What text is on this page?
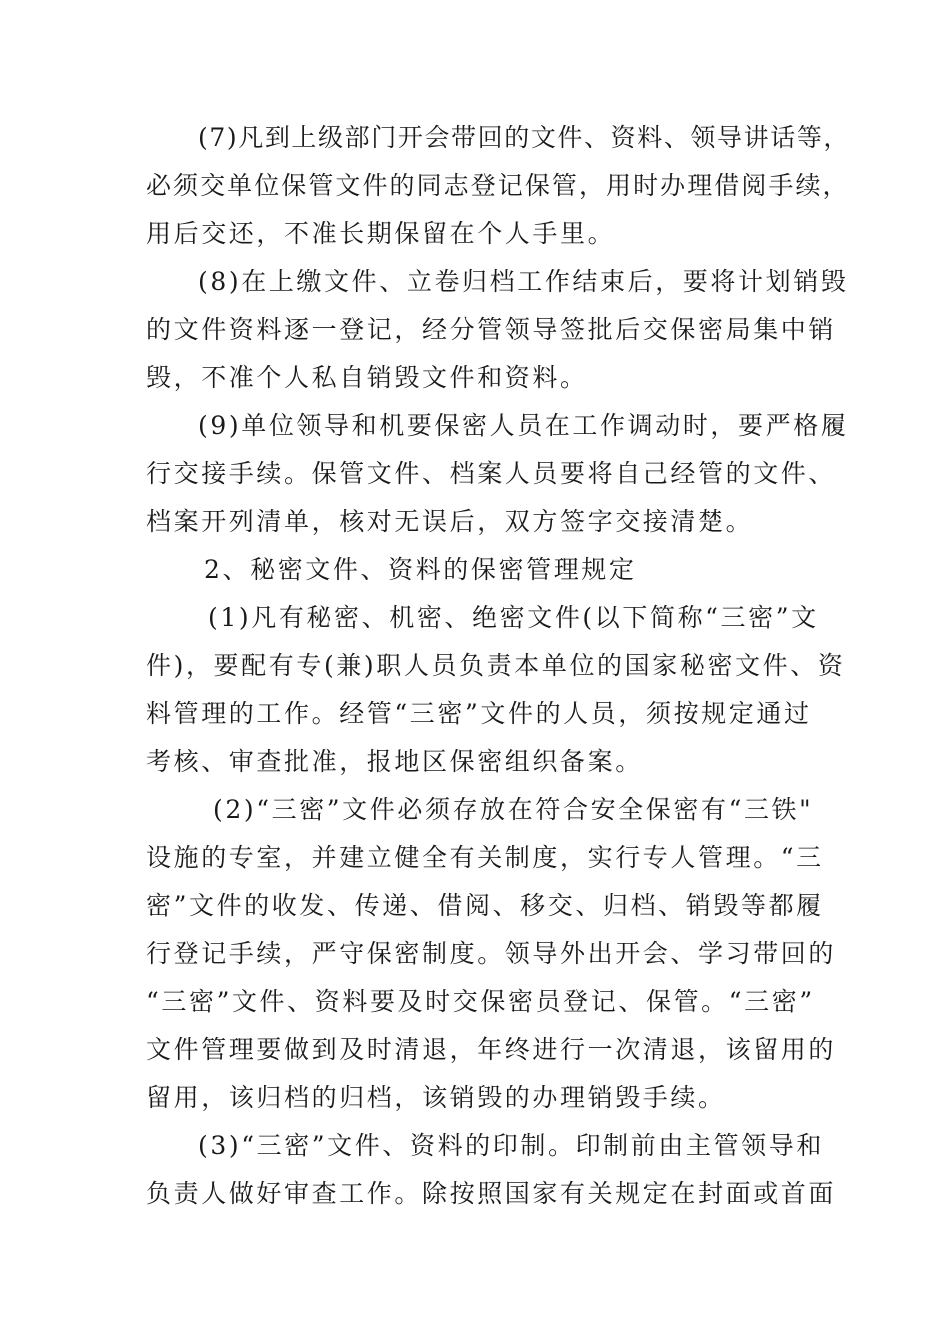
(7)凡到上级部门开会带回的文件、资料、领导讲话等，
必须交单位保管文件的同志登记保管，用时办理借阅手续，
用后交还，不准长期保留在个人手里。
(8)在上缴文件、立卷归档工作结束后，要将计划销毁
的文件资料逐一登记，经分管领导签批后交保密局集中销
毁，不准个人私自销毁文件和资料。
(9)单位领导和机要保密人员在工作调动时，要严格履
行交接手续。保管文件、档案人员要将自己经管的文件、
档案开列清单，核对无误后，双方签字交接清楚。
2、秘密文件、资料的保密管理规定
(1)凡有秘密、机密、绝密文件(以下简称“三密”文
件)，要配有专(兼)职人员负责本单位的国家秘密文件、资
料管理的工作。经管“三密”文件的人员，须按规定通过
考核、审查批准，报地区保密组织备案。
(2)“三密”文件必须存放在符合安全保密有“三铁"
设施的专室，并建立健全有关制度，实行专人管理。“三
密”文件的收发、传递、借阅、移交、归档、销毁等都履
行登记手续，严守保密制度。领导外出开会、学习带回的
“三密”文件、资料要及时交保密员登记、保管。“三密”
文件管理要做到及时清退，年终进行一次清退，该留用的
留用，该归档的归档，该销毁的办理销毁手续。
(3)“三密”文件、资料的印制。印制前由主管领导和
负责人做好审查工作。除按照国家有关规定在封面或首面
